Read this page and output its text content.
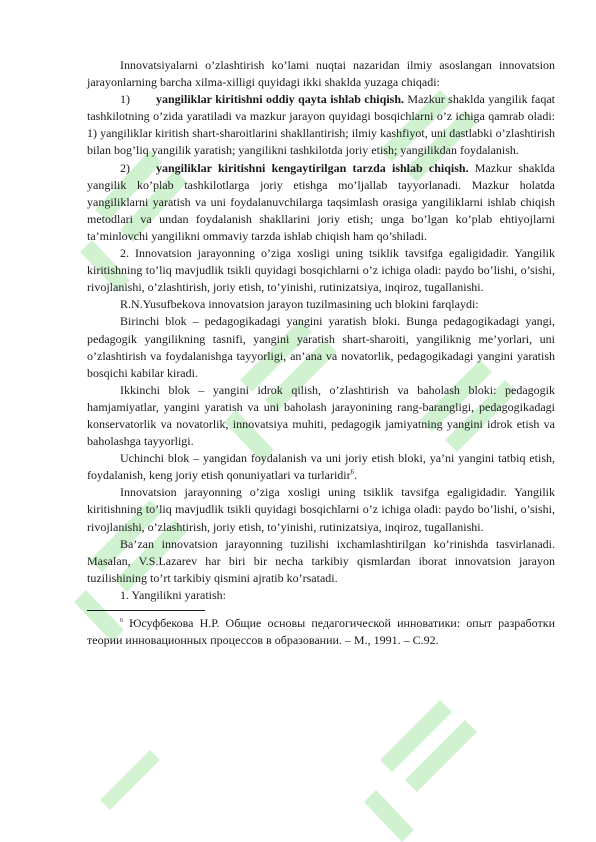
Innovatsiyalarni o’zlashtirish ko’lami nuqtai nazaridan ilmiy asoslangan innovatsion jarayonlarning barcha xilma-xilligi quyidagi ikki shaklda yuzaga chiqadi:

1) yangiliklar kiritishni oddiy qayta ishlab chiqish. Mazkur shaklda yangilik faqat tashkilotning o’zida yaratiladi va mazkur jarayon quyidagi bosqichlarni o’z ichiga qamrab oladi: 1) yangiliklar kiritish shart-sharoitlarini shakllantirish; ilmiy kashfiyot, uni dastlabki o’zlashtirish bilan bog’liq yangilik yaratish; yangilikni tashkilotda joriy etish; yangilikdan foydalanish.

2) yangiliklar kiritishni kengaytirilgan tarzda ishlab chiqish. Mazkur shaklda yangilik ko’plab tashkilotlarga joriy etishga mo’ljallab tayyorlanadi. Mazkur holatda yangiliklarni yaratish va uni foydalanuvchilarga taqsimlash orasiga yangiliklarni ishlab chiqish metodlari va undan foydalanish shakllarini joriy etish; unga bo’lgan ko’plab ehtiyojlarni ta’minlovchi yangilikni ommaviy tarzda ishlab chiqish ham qo’shiladi.

2. Innovatsion jarayonning o’ziga xosligi uning tsiklik tavsifga egaligidadir. Yangilik kiritishning to’liq mavjudlik tsikli quyidagi bosqichlarni o’z ichiga oladi: paydo bo’lishi, o’sishi, rivojlanishi, o’zlashtirish, joriy etish, to’yinishi, rutinizatsiya, inqiroz, tugallanishi.

R.N.Yusufbekova innovatsion jarayon tuzilmasining uch blokini farqlaydi:

Birinchi blok – pedagogikadagi yangini yaratish bloki. Bunga pedagogikadagi yangi, pedagogik yangilikning tasnifi, yangini yaratish shart-sharoiti, yangiliknig me’yorlari, uni o’zlashtirish va foydalanishga tayyorligi, an’ana va novatorlik, pedagogikadagi yangini yaratish bosqichi kabilar kiradi.

Ikkinchi blok – yangini idrok qilish, o’zlashtirish va baholash bloki: pedagogik hamjamiyatlar, yangini yaratish va uni baholash jarayonining rang-barangligi, pedagogikadagi konservatorlik va novatorlik, innovatsiya muhiti, pedagogik jamiyatning yangini idrok etish va baholashga tayyorligi.

Uchinchi blok – yangidan foydalanish va uni joriy etish bloki, ya’ni yangini tatbiq etish, foydalanish, keng joriy etish qonuniyatlari va turlaridir$^6$.

Innovatsion jarayonning o’ziga xosligi uning tsiklik tavsifga egaligidadir. Yangilik kiritishning to’liq mavjudlik tsikli quyidagi bosqichlarni o’z ichiga oladi: paydo bo’lishi, o’sishi, rivojlanishi, o’zlashtirish, joriy etish, to’yinishi, rutinizatsiya, inqiroz, tugallanishi.

Ba’zan innovatsion jarayonning tuzilishi ixchamlashtirilgan ko’rinishda tasvirlanadi. Masalan, V.S.Lazarev har biri bir necha tarkibiy qismlardan iborat innovatsion jarayon tuzilishining to’rt tarkibiy qismini ajratib ko’rsatadi.

1. Yangilikni yaratish:

$^6$ Юсуфбекова Н.Р. Общие основы педагогической инноватики: опыт разработки теории инновационных процессов в образовании. – М., 1991. – С.92.
